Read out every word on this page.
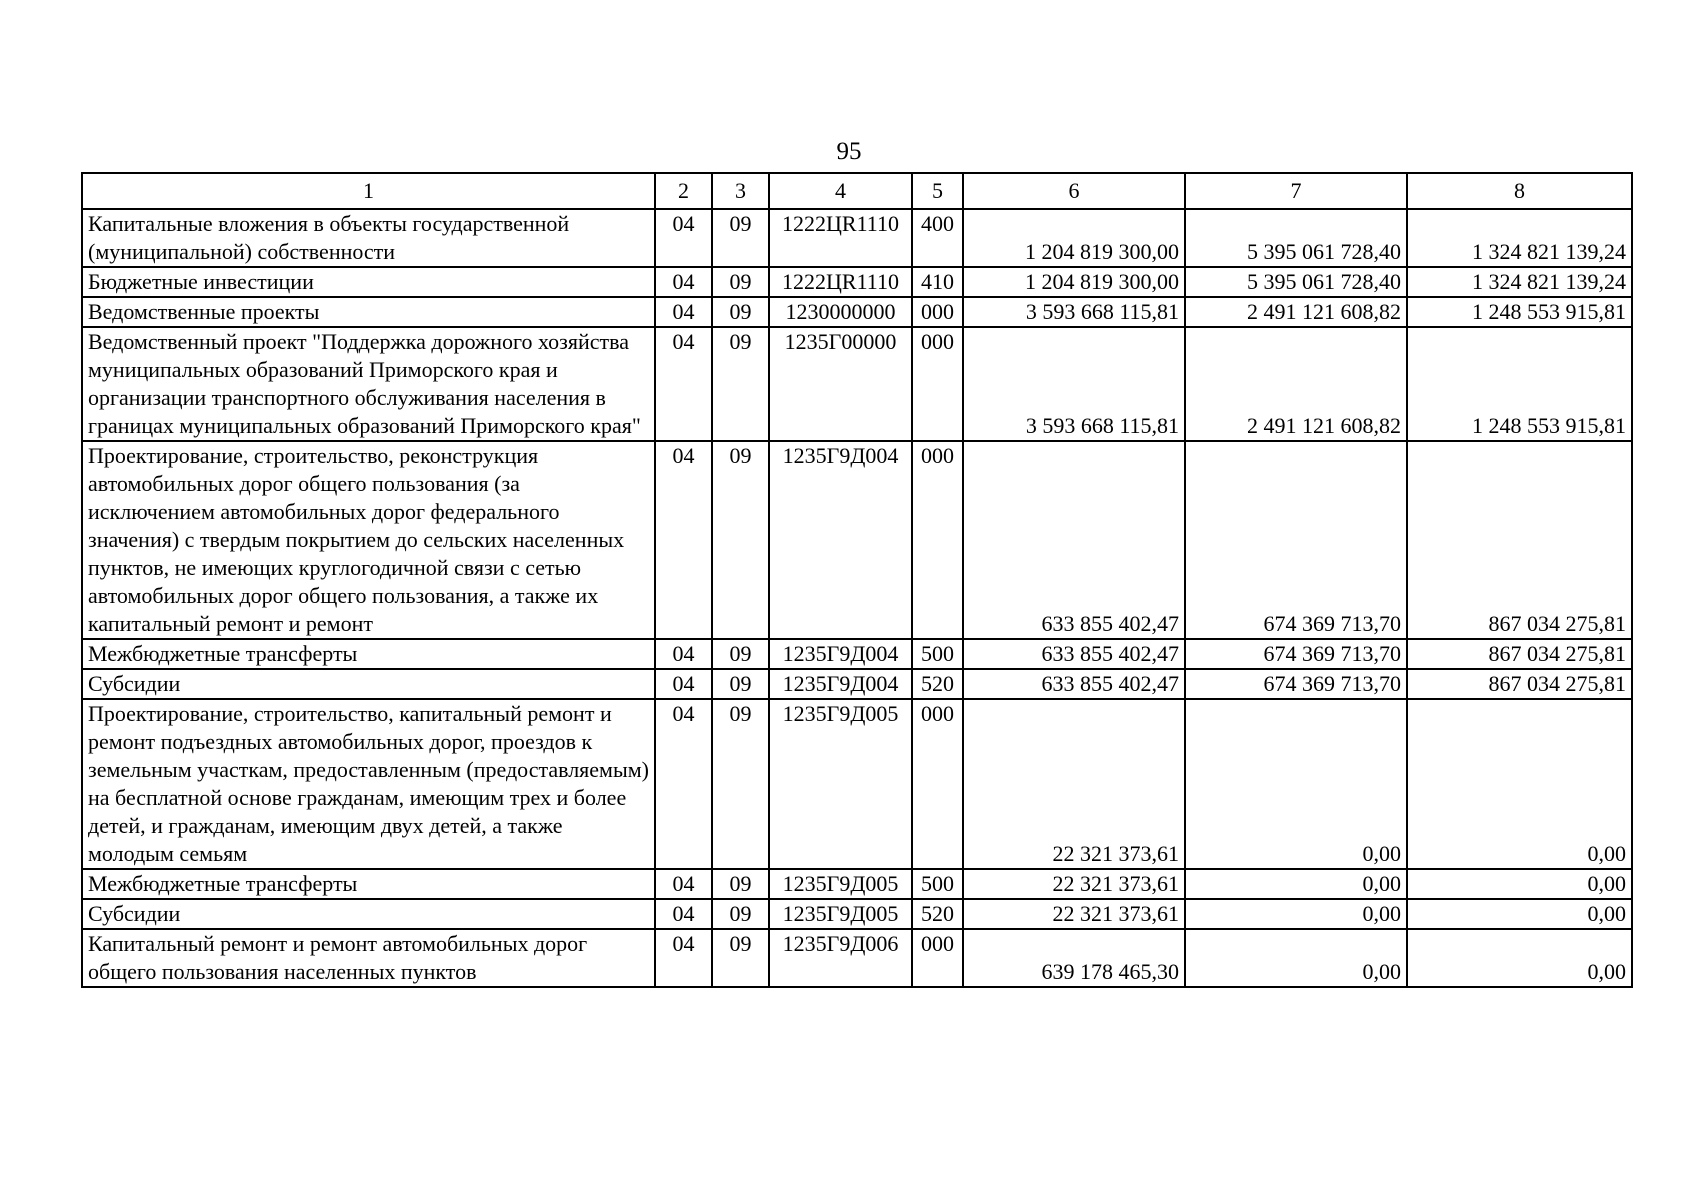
95
1	2	3	4	5	6	7	8
Капитальные вложения в объекты государственной (муниципальной) собственности	04	09	1222ЦR1110	400	1 204 819 300,00	5 395 061 728,40	1 324 821 139,24
Бюджетные инвестиции	04	09	1222ЦR1110	410	1 204 819 300,00	5 395 061 728,40	1 324 821 139,24
Ведомственные проекты	04	09	1230000000	000	3 593 668 115,81	2 491 121 608,82	1 248 553 915,81
Ведомственный проект "Поддержка дорожного хозяйства муниципальных образований Приморского края и организации транспортного обслуживания населения в границах муниципальных образований Приморского края"	04	09	1235Г00000	000	3 593 668 115,81	2 491 121 608,82	1 248 553 915,81
Проектирование, строительство, реконструкция автомобильных дорог общего пользования (за исключением автомобильных дорог федерального значения) с твердым покрытием до сельских населенных пунктов, не имеющих круглогодичной связи с сетью автомобильных дорог общего пользования, а также их капитальный ремонт и ремонт	04	09	1235Г9Д004	000	633 855 402,47	674 369 713,70	867 034 275,81
Межбюджетные трансферты	04	09	1235Г9Д004	500	633 855 402,47	674 369 713,70	867 034 275,81
Субсидии	04	09	1235Г9Д004	520	633 855 402,47	674 369 713,70	867 034 275,81
Проектирование, строительство, капитальный ремонт и ремонт подъездных автомобильных дорог, проездов к земельным участкам, предоставленным (предоставляемым) на бесплатной основе гражданам, имеющим трех и более детей, и гражданам, имеющим двух детей, а также молодым семьям	04	09	1235Г9Д005	000	22 321 373,61	0,00	0,00
Межбюджетные трансферты	04	09	1235Г9Д005	500	22 321 373,61	0,00	0,00
Субсидии	04	09	1235Г9Д005	520	22 321 373,61	0,00	0,00
Капитальный ремонт и ремонт автомобильных дорог общего пользования населенных пунктов	04	09	1235Г9Д006	000	639 178 465,30	0,00	0,00
